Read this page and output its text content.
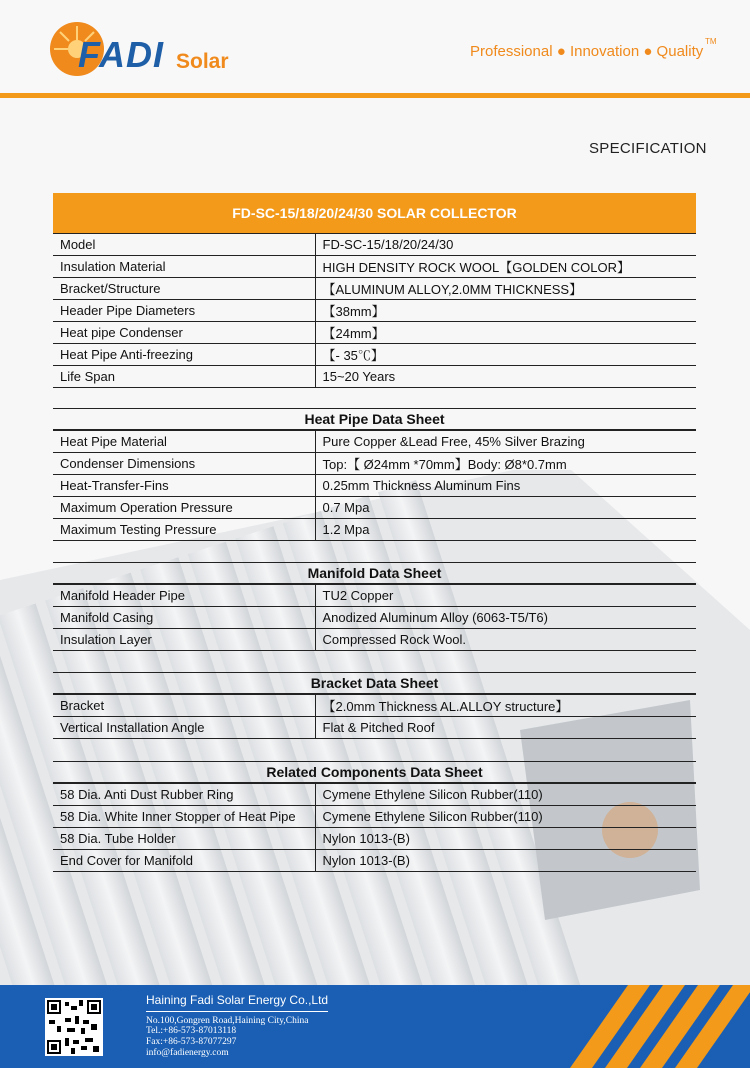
FADI Solar	Professional ● Innovation ● Quality
TM
SPECIFICATION
FD-SC-15/18/20/24/30 SOLAR COLLECTOR
Model	FD-SC-15/18/20/24/30
Insulation Material	HIGH DENSITY ROCK WOOL【GOLDEN COLOR】
Bracket/Structure	【ALUMINUM ALLOY,2.0MM THICKNESS】
Header Pipe Diameters	【38mm】
Heat pipe Condenser	【24mm】
Heat Pipe Anti-freezing	【- 35℃】
Life Span	15~20 Years
Heat Pipe Data Sheet
Heat Pipe Material	Pure Copper &Lead Free, 45% Silver Brazing
Condenser Dimensions	Top:【 Ø24mm *70mm】Body: Ø8*0.7mm
Heat-Transfer-Fins	0.25mm Thickness Aluminum Fins
Maximum Operation Pressure	0.7 Mpa
Maximum Testing Pressure	1.2 Mpa
Manifold Data Sheet
Manifold Header Pipe	TU2 Copper
Manifold Casing	Anodized Aluminum Alloy (6063-T5/T6)
Insulation Layer	Compressed Rock Wool.
Bracket Data Sheet
Bracket	【2.0mm Thickness AL.ALLOY structure】
Vertical Installation Angle	Flat & Pitched Roof
Related Components Data Sheet
58 Dia. Anti Dust Rubber Ring	Cymene Ethylene Silicon Rubber(110)
58 Dia. White Inner Stopper of Heat Pipe	Cymene Ethylene Silicon Rubber(110)
58 Dia. Tube Holder	Nylon 1013-(B)
End Cover for Manifold	Nylon 1013-(B)
Haining Fadi Solar Energy Co.,Ltd
No.100,Gongren Road,Haining City,China
Tel.:+86-573-87013118
Fax:+86-573-87077297
info@fadienergy.com
